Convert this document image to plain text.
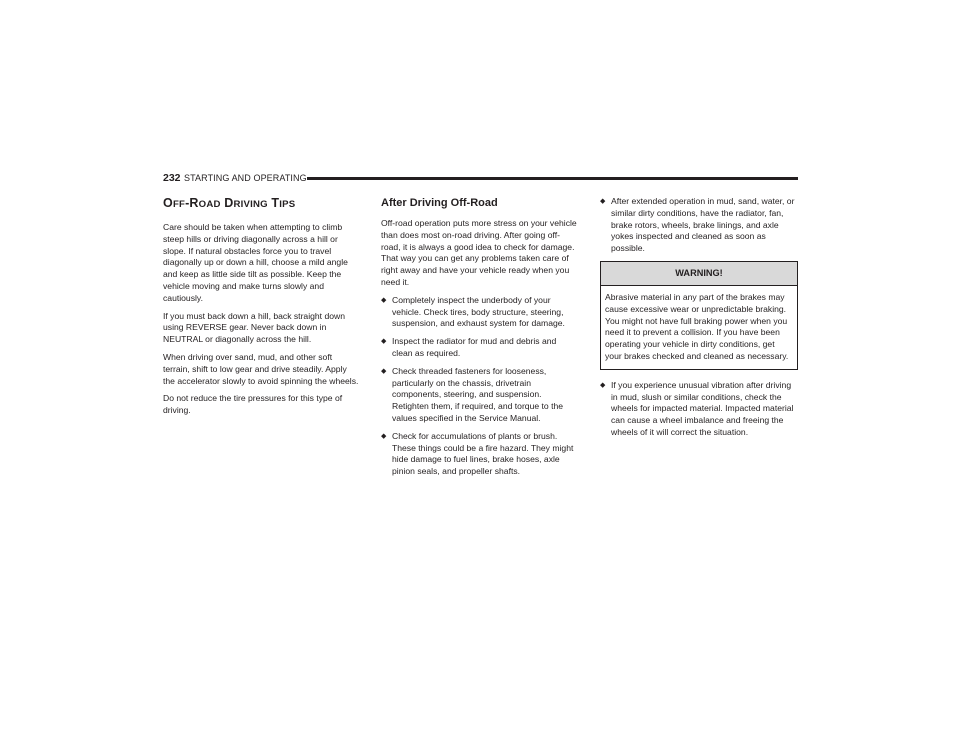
232 STARTING AND OPERATING
OFF-ROAD DRIVING TIPS

Care should be taken when attempting to climb steep hills or driving diagonally across a hill or slope. If natural obstacles force you to travel diagonally up or down a hill, choose a mild angle and keep as little side tilt as possible. Keep the vehicle moving and make turns slowly and cautiously.

If you must back down a hill, back straight down using REVERSE gear. Never back down in NEUTRAL or diagonally across the hill.

When driving over sand, mud, and other soft terrain, shift to low gear and drive steadily. Apply the accelerator slowly to avoid spinning the wheels.

Do not reduce the tire pressures for this type of driving.

After Driving Off-Road

Off-road operation puts more stress on your vehicle than does most on-road driving. After going off-road, it is always a good idea to check for damage. That way you can get any problems taken care of right away and have your vehicle ready when you need it.

◆ Completely inspect the underbody of your vehicle. Check tires, body structure, steering, suspension, and exhaust system for damage.
◆ Inspect the radiator for mud and debris and clean as required.
◆ Check threaded fasteners for looseness, particularly on the chassis, drivetrain components, steering, and suspension. Retighten them, if required, and torque to the values specified in the Service Manual.
◆ Check for accumulations of plants or brush. These things could be a fire hazard. They might hide damage to fuel lines, brake hoses, axle pinion seals, and propeller shafts.
◆ After extended operation in mud, sand, water, or similar dirty conditions, have the radiator, fan, brake rotors, wheels, brake linings, and axle yokes inspected and cleaned as soon as possible.
WARNING!
Abrasive material in any part of the brakes may cause excessive wear or unpredictable braking. You might not have full braking power when you need it to prevent a collision. If you have been operating your vehicle in dirty conditions, get your brakes checked and cleaned as necessary.
◆ If you experience unusual vibration after driving in mud, slush or similar conditions, check the wheels for impacted material. Impacted material can cause a wheel imbalance and freeing the wheels of it will correct the situation.
